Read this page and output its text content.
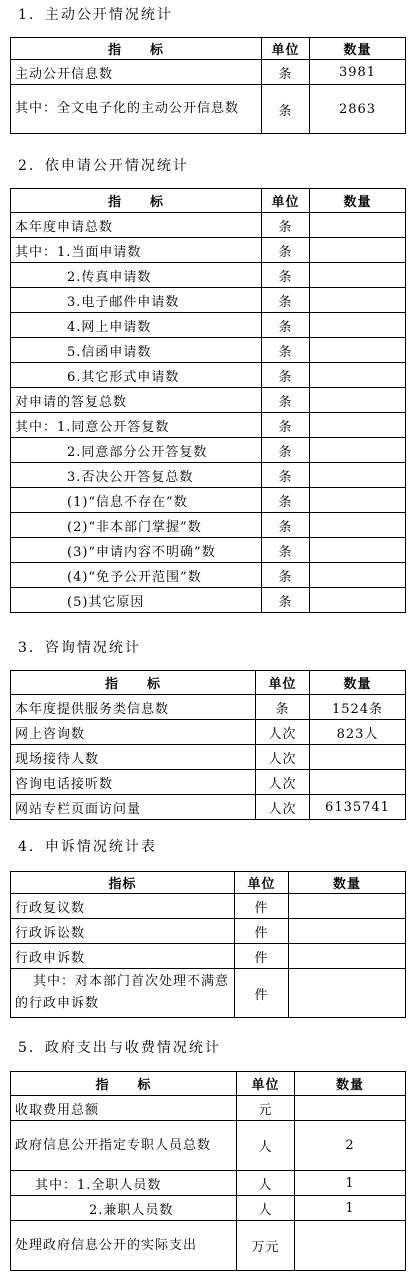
1．主动公开情况统计
指　　标	单位	数量
主动公开信息数	条	3981
其中：全文电子化的主动公开信息数	条	2863
2．依申请公开情况统计
指　　标	单位	数量
本年度申请总数	条	
其中：1.当面申请数	条	
2.传真申请数	条	
3.电子邮件申请数	条	
4.网上申请数	条	
5.信函申请数	条	
6.其它形式申请数	条	
对申请的答复总数	条	
其中：1.同意公开答复数	条	
2.同意部分公开答复数	条	
3.否决公开答复总数	条	
(1)“信息不存在”数	条	
(2)“非本部门掌握”数	条	
(3)“申请内容不明确”数	条	
(4)“免予公开范围”数	条	
(5)其它原因	条	
3．咨询情况统计
指　　标	单位	数量
本年度提供服务类信息数	条	1524条
网上咨询数	人次	823人
现场接待人数	人次	
咨询电话接听数	人次	
网站专栏页面访问量	人次	6135741
4．申诉情况统计表
指标	单位	数量
行政复议数	件	
行政诉讼数	件	
行政申诉数	件	
其中：对本部门首次处理不满意的行政申诉数	件	
5．政府支出与收费情况统计
指　　标	单位	数量
收取费用总额	元	
政府信息公开指定专职人员总数	人	2
其中：1.全职人员数	人	1
2.兼职人员数	人	1
处理政府信息公开的实际支出	万元	
